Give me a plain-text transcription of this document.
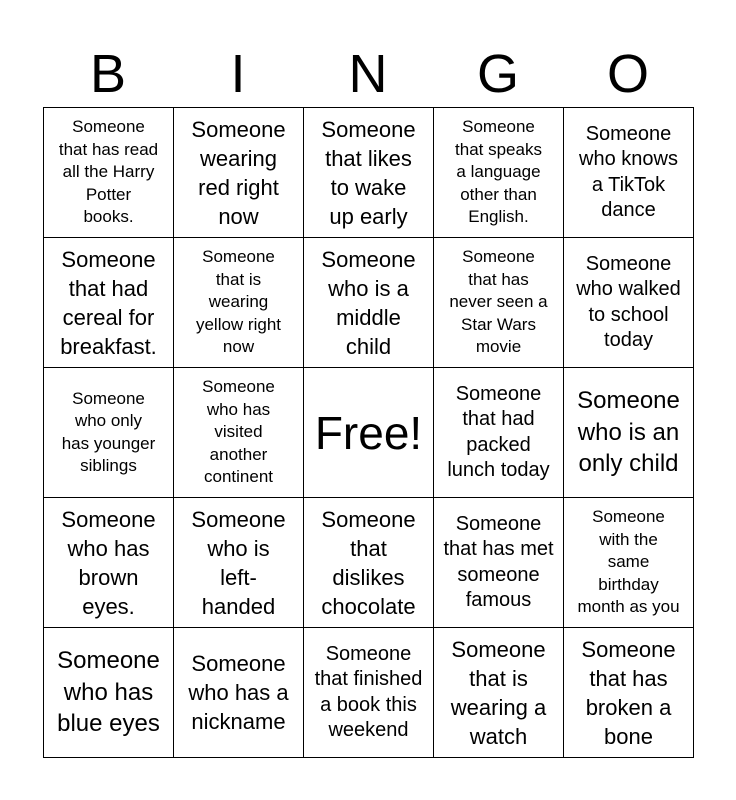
B	I	N	G	O
Someone
that has read
all the Harry
Potter
books.	Someone
wearing
red right
now	Someone
that likes
to wake
up early	Someone
that speaks
a language
other than
English.	Someone
who knows
a TikTok
dance

Someone
that had
cereal for
breakfast.	Someone
that is
wearing
yellow right
now	Someone
who is a
middle
child	Someone
that has
never seen a
Star Wars
movie	Someone
who walked
to school
today

Someone
who only
has younger
siblings	Someone
who has
visited
another
continent	Free!	Someone
that had
packed
lunch today	Someone
who is an
only child

Someone
who has
brown
eyes.	Someone
who is
left-
handed	Someone
that
dislikes
chocolate	Someone
that has met
someone
famous	Someone
with the
same
birthday
month as you

Someone
who has
blue eyes	Someone
who has a
nickname	Someone
that finished
a book this
weekend	Someone
that is
wearing a
watch	Someone
that has
broken a
bone
